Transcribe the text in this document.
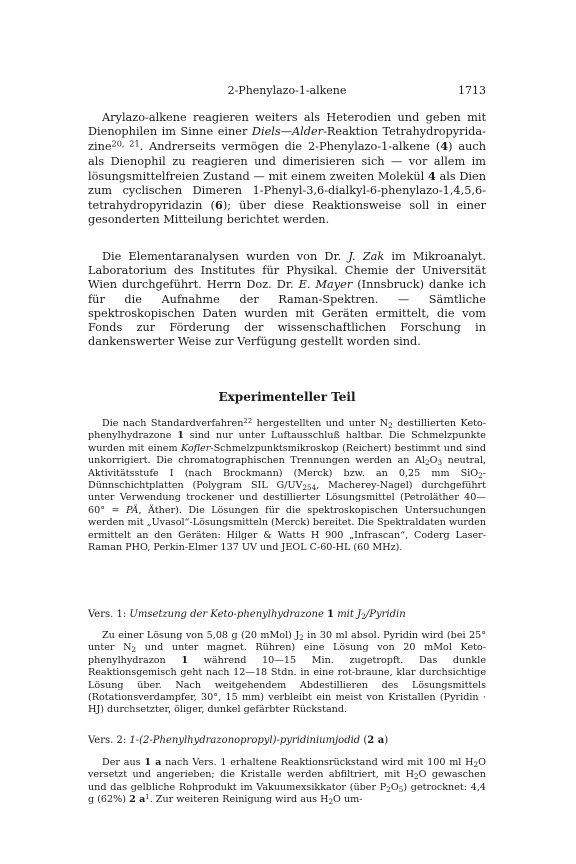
2-Phenylazo-1-alkene	1713

Arylazo-alkene reagieren weiters als Heterodien und geben mit Dienophilen im Sinne einer Diels—Alder-Reaktion Tetrahydropyridazine$^{20, 21}$. Andrerseits vermögen die 2-Phenylazo-1-alkene (4) auch als Dienophil zu reagieren und dimerisieren sich — vor allem im lösungsmittelfreien Zustand — mit einem zweiten Molekül 4 als Dien zum cyclischen Dimeren 1-Phenyl-3,6-dialkyl-6-phenylazo-1,4,5,6-tetrahydropyridazin (6); über diese Reaktionsweise soll in einer gesonderten Mitteilung berichtet werden.

Die Elementaranalysen wurden von Dr. J. Zak im Mikroanalyt. Laboratorium des Institutes für Physikal. Chemie der Universität Wien durchgeführt. Herrn Doz. Dr. E. Mayer (Innsbruck) danke ich für die Aufnahme der Raman-Spektren. — Sämtliche spektroskopischen Daten wurden mit Geräten ermittelt, die vom Fonds zur Förderung der wissenschaftlichen Forschung in dankenswerter Weise zur Verfügung gestellt worden sind.

Experimenteller Teil

Die nach Standardverfahren$^{22}$ hergestellten und unter $N_2$ destillierten Keto-phenylhydrazone 1 sind nur unter Luftausschluß haltbar. Die Schmelzpunkte wurden mit einem Kofler-Schmelzpunktsmikroskop (Reichert) bestimmt und sind unkorrigiert. Die chromatographischen Trennungen werden an $Al_2O_3$ neutral, Aktivitätsstufe I (nach Brockmann) (Merck) bzw. an 0,25 mm SiO$_2$-Dünnschichtplatten (Polygram SIL $G/UV_{254}$, Macherey-Nagel) durchgeführt unter Verwendung trockener und destillierter Lösungsmittel (Petroläther 40—60° = PÄ, Äther). Die Lösungen für die spektroskopischen Untersuchungen werden mit „Uvasol“-Lösungsmitteln (Merck) bereitet. Die Spektraldaten wurden ermittelt an den Geräten: Hilger & Watts H 900 „Infrascan“, Coderg Laser-Raman PHO, Perkin-Elmer 137 UV und JEOL C-60-HL (60 MHz).

Vers. 1: Umsetzung der Keto-phenylhydrazone 1 mit $J_2$/Pyridin

Zu einer Lösung von 5,08 g (20 mMol) $J_2$ in 30 ml absol. Pyridin wird (bei 25° unter $N_2$ und unter magnet. Rühren) eine Lösung von 20 mMol Keto-phenylhydrazon 1 während 10—15 Min. zugetropft. Das dunkle Reaktionsgemisch geht nach 12—18 Stdn. in eine rot-braune, klar durchsichtige Lösung über. Nach weitgehendem Abdestillieren des Lösungsmittels (Rotationsverdampfer, 30°, 15 mm) verbleibt ein meist von Kristallen (Pyridin · HJ) durchsetzter, öliger, dunkel gefärbter Rückstand.

Vers. 2: 1-(2-Phenylhydrazonopropyl)-pyridiniumjodid (2 a)

Der aus 1 a nach Vers. 1 erhaltene Reaktionsrückstand wird mit 100 ml $H_2O$ versetzt und angerieben; die Kristalle werden abfiltriert, mit $H_2O$ gewaschen und das gelbliche Rohprodukt im Vakuumexsikkator (über $P_2O_5$) getrocknet: 4,4 g (62%) 2 $a^1$. Zur weiteren Reinigung wird aus $H_2O$ um-
